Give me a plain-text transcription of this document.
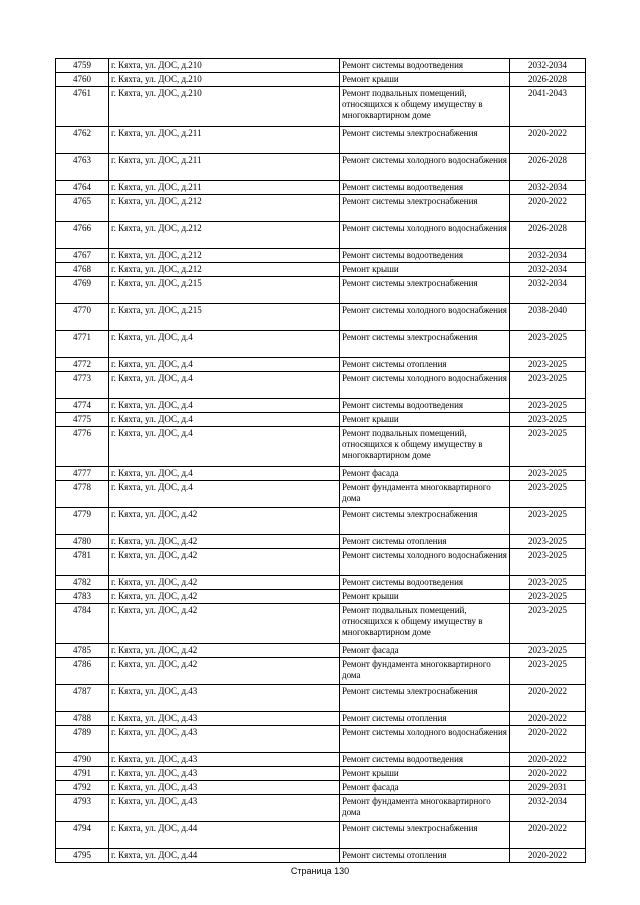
4759	г. Кяхта, ул. ДОС, д.210	Ремонт системы водоотведения	2032-2034
4760	г. Кяхта, ул. ДОС, д.210	Ремонт крыши	2026-2028
4761	г. Кяхта, ул. ДОС, д.210	Ремонт подвальных помещений, относящихся к общему имуществу в многоквартирном доме	2041-2043
4762	г. Кяхта, ул. ДОС, д.211	Ремонт системы электроснабжения	2020-2022
4763	г. Кяхта, ул. ДОС, д.211	Ремонт системы холодного водоснабжения	2026-2028
4764	г. Кяхта, ул. ДОС, д.211	Ремонт системы водоотведения	2032-2034
4765	г. Кяхта, ул. ДОС, д.212	Ремонт системы электроснабжения	2020-2022
4766	г. Кяхта, ул. ДОС, д.212	Ремонт системы холодного водоснабжения	2026-2028
4767	г. Кяхта, ул. ДОС, д.212	Ремонт системы водоотведения	2032-2034
4768	г. Кяхта, ул. ДОС, д.212	Ремонт крыши	2032-2034
4769	г. Кяхта, ул. ДОС, д.215	Ремонт системы электроснабжения	2032-2034
4770	г. Кяхта, ул. ДОС, д.215	Ремонт системы холодного водоснабжения	2038-2040
4771	г. Кяхта, ул. ДОС, д.4	Ремонт системы электроснабжения	2023-2025
4772	г. Кяхта, ул. ДОС, д.4	Ремонт системы отопления	2023-2025
4773	г. Кяхта, ул. ДОС, д.4	Ремонт системы холодного водоснабжения	2023-2025
4774	г. Кяхта, ул. ДОС, д.4	Ремонт системы водоотведения	2023-2025
4775	г. Кяхта, ул. ДОС, д.4	Ремонт крыши	2023-2025
4776	г. Кяхта, ул. ДОС, д.4	Ремонт подвальных помещений, относящихся к общему имуществу в многоквартирном доме	2023-2025
4777	г. Кяхта, ул. ДОС, д.4	Ремонт фасада	2023-2025
4778	г. Кяхта, ул. ДОС, д.4	Ремонт фундамента многоквартирного дома	2023-2025
4779	г. Кяхта, ул. ДОС, д.42	Ремонт системы электроснабжения	2023-2025
4780	г. Кяхта, ул. ДОС, д.42	Ремонт системы отопления	2023-2025
4781	г. Кяхта, ул. ДОС, д.42	Ремонт системы холодного водоснабжения	2023-2025
4782	г. Кяхта, ул. ДОС, д.42	Ремонт системы водоотведения	2023-2025
4783	г. Кяхта, ул. ДОС, д.42	Ремонт крыши	2023-2025
4784	г. Кяхта, ул. ДОС, д.42	Ремонт подвальных помещений, относящихся к общему имуществу в многоквартирном доме	2023-2025
4785	г. Кяхта, ул. ДОС, д.42	Ремонт фасада	2023-2025
4786	г. Кяхта, ул. ДОС, д.42	Ремонт фундамента многоквартирного дома	2023-2025
4787	г. Кяхта, ул. ДОС, д.43	Ремонт системы электроснабжения	2020-2022
4788	г. Кяхта, ул. ДОС, д.43	Ремонт системы отопления	2020-2022
4789	г. Кяхта, ул. ДОС, д.43	Ремонт системы холодного водоснабжения	2020-2022
4790	г. Кяхта, ул. ДОС, д.43	Ремонт системы водоотведения	2020-2022
4791	г. Кяхта, ул. ДОС, д.43	Ремонт крыши	2020-2022
4792	г. Кяхта, ул. ДОС, д.43	Ремонт фасада	2029-2031
4793	г. Кяхта, ул. ДОС, д.43	Ремонт фундамента многоквартирного дома	2032-2034
4794	г. Кяхта, ул. ДОС, д.44	Ремонт системы электроснабжения	2020-2022
4795	г. Кяхта, ул. ДОС, д.44	Ремонт системы отопления	2020-2022
Страница 130
